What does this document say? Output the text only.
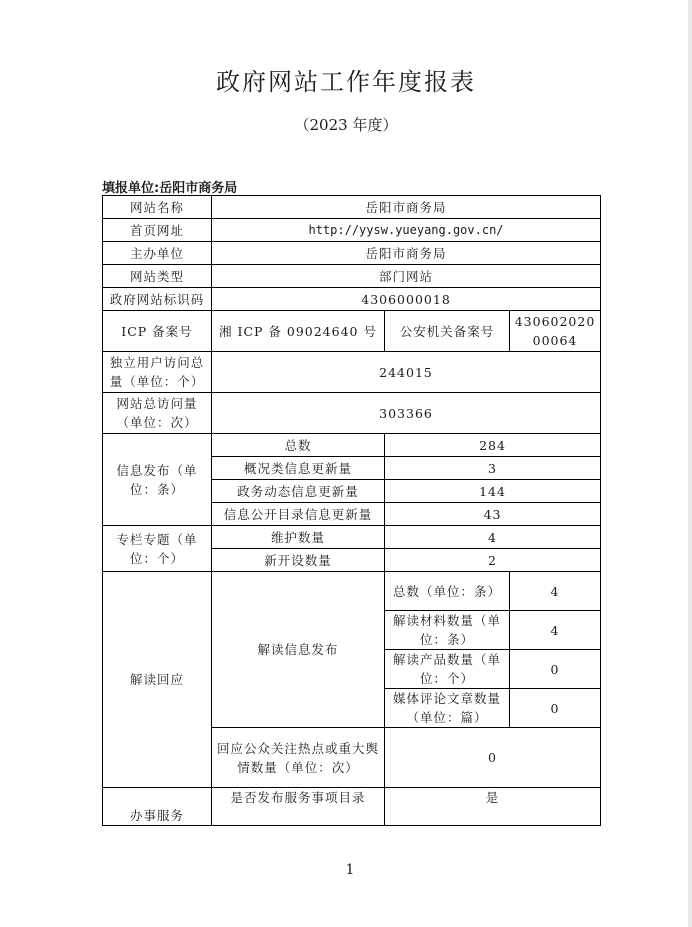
政府网站工作年度报表
（2023 年度）
填报单位:岳阳市商务局
网站名称	岳阳市商务局		
首页网址	http://yysw.yueyang.gov.cn/		
主办单位	岳阳市商务局		
网站类型	部门网站		
政府网站标识码	4306000018		
ICP 备案号	湘 ICP 备 09024640 号	公安机关备案号	43060202000064
独立用户访问总量（单位：个）	244015		
网站总访问量（单位：次）	303366		
信息发布（单位：条）	总数	284	
	概况类信息更新量	3	
	政务动态信息更新量	144	
	信息公开目录信息更新量	43	
专栏专题（单位：个）	维护数量	4	
	新开设数量	2	
解读回应	解读信息发布	总数（单位：条）	4
		解读材料数量（单位：条）	4
		解读产品数量（单位：个）	0
		媒体评论文章数量（单位：篇）	0
	回应公众关注热点或重大舆情数量（单位：次）	0	
办事服务	是否发布服务事项目录	是	
1
